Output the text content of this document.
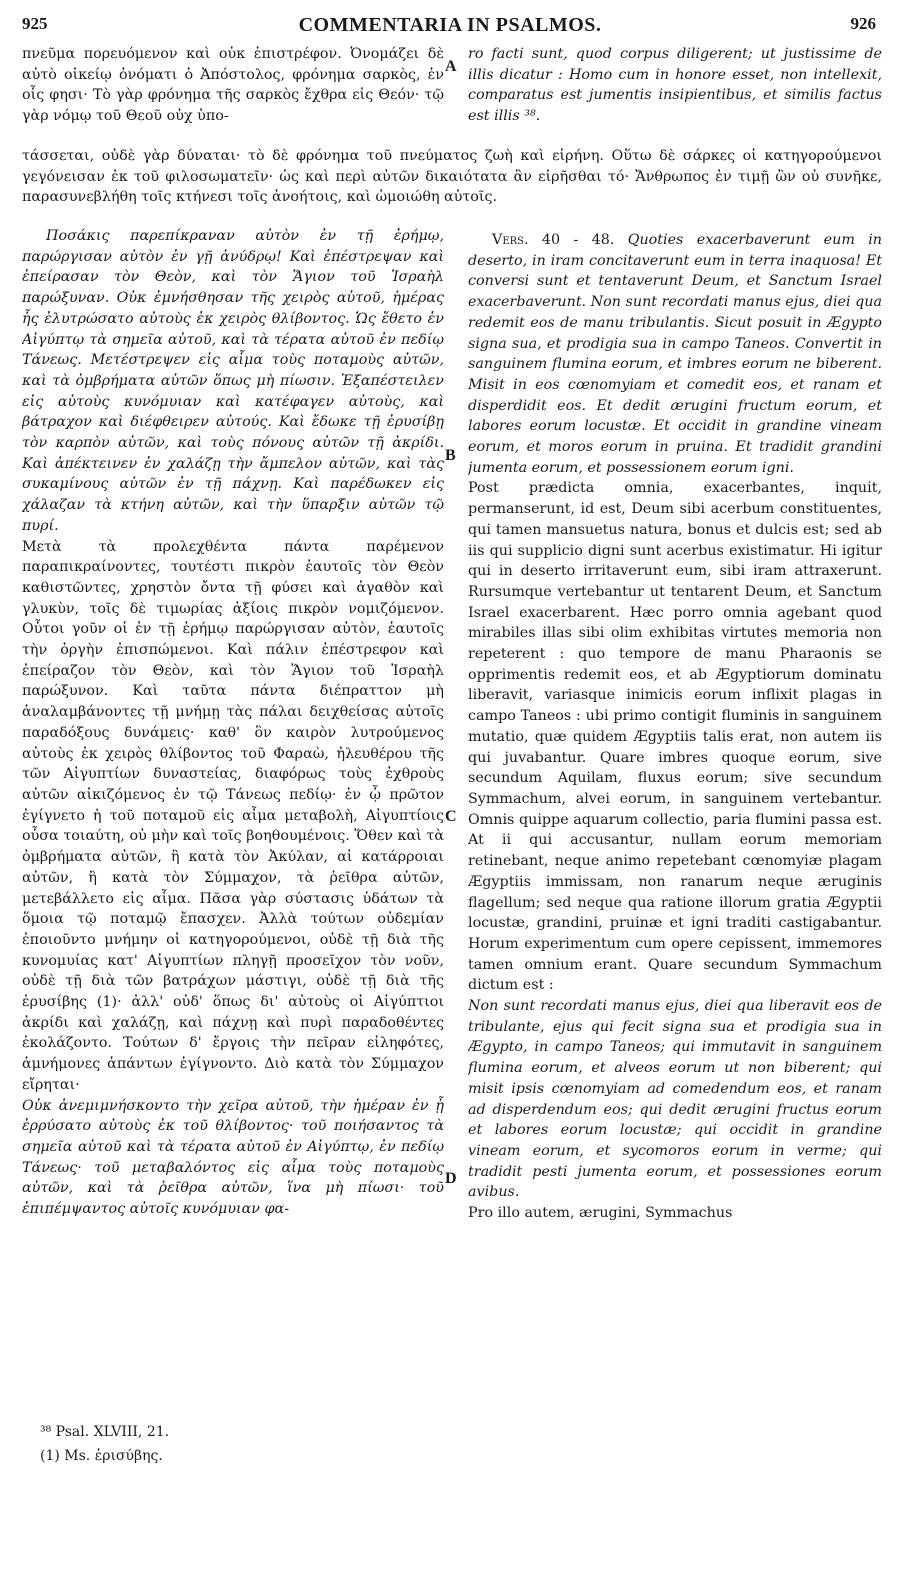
925	COMMENTARIA IN PSALMOS.	926

πνεῦμα πορευόμενον καὶ οὐκ ἐπιστρέφον. Ὀνομάζει δὲ αὐτὸ οἰκείῳ ὀνόματι ὁ Ἀπόστολος, φρόνημα σαρκὸς, ἐν οἷς φησι· Τὸ γὰρ φρόνημα τῆς σαρκὸς ἔχθρα εἰς Θεόν· τῷ γὰρ νόμῳ τοῦ Θεοῦ οὐχ ὑπο-

ro facti sunt, quod corpus diligerent; ut justissime de illis dicatur : Homo cum in honore esset, non intellexit, comparatus est jumentis insipientibus, et similis factus est illis ³⁸.

τάσσεται, οὐδὲ γὰρ δύναται· τὸ δὲ φρόνημα τοῦ πνεύματος ζωὴ καὶ εἰρήνη. Οὕτω δὲ σάρκες οἱ κατηγορούμενοι γεγόνεισαν ἐκ τοῦ φιλοσωματεῖν· ὡς καὶ περὶ αὐτῶν δικαιότατα ἂν εἰρῆσθαι τό· Ἄνθρωπος ἐν τιμῇ ὢν οὐ συνῆκε, παρασυνεβλήθη τοῖς κτήνεσι τοῖς ἀνοήτοις, καὶ ὡμοιώθη αὐτοῖς.

Ποσάκις παρεπίκραναν αὐτὸν ἐν τῇ ἐρήμῳ, παρώργισαν αὐτὸν ἐν γῇ ἀνύδρῳ! Καὶ ἐπέστρεψαν καὶ ἐπείρασαν τὸν Θεὸν, καὶ τὸν Ἅγιον τοῦ Ἰσραὴλ παρώξυναν. Οὐκ ἐμνήσθησαν τῆς χειρὸς αὐτοῦ, ἡμέρας ἧς ἐλυτρώσατο αὐτοὺς ἐκ χειρὸς θλίβοντος. Ὡς ἔθετο ἐν Αἰγύπτῳ τὰ σημεῖα αὐτοῦ, καὶ τὰ τέρατα αὐτοῦ ἐν πεδίῳ Τάνεως. Μετέστρεψεν εἰς αἷμα τοὺς ποταμοὺς αὐτῶν, καὶ τὰ ὀμβρήματα αὐτῶν ὅπως μὴ πίωσιν. Ἐξαπέστειλεν εἰς αὐτοὺς κυνόμυιαν καὶ κατέφαγεν αὐτοὺς, καὶ βάτραχον καὶ διέφθειρεν αὐτούς. Καὶ ἔδωκε τῇ ἐρυσίβῃ τὸν καρπὸν αὐτῶν, καὶ τοὺς πόνους αὐτῶν τῇ ἀκρίδι. Καὶ ἀπέκτεινεν ἐν χαλάζῃ τὴν ἄμπελον αὐτῶν, καὶ τὰς συκαμίνους αὐτῶν ἐν τῇ πάχνῃ. Καὶ παρέδωκεν εἰς χάλαζαν τὰ κτήνη αὐτῶν, καὶ τὴν ὕπαρξιν αὐτῶν τῷ πυρί.

Μετὰ τὰ προλεχθέντα πάντα παρέμενον παραπικραίνοντες, τουτέστι πικρὸν ἑαυτοῖς τὸν Θεὸν καθιστῶντες, χρηστὸν ὄντα τῇ φύσει καὶ ἀγαθὸν καὶ γλυκὺν, τοῖς δὲ τιμωρίας ἀξίοις πικρὸν νομιζόμενον. Οὗτοι γοῦν οἱ ἐν τῇ ἐρήμῳ παρώργισαν αὐτὸν, ἑαυτοῖς τὴν ὀργὴν ἐπισπώμενοι. Καὶ πάλιν ἐπέστρεφον καὶ ἐπείραζον τὸν Θεὸν, καὶ τὸν Ἅγιον τοῦ Ἰσραὴλ παρώξυνον. Καὶ ταῦτα πάντα διέπραττον μὴ ἀναλαμβάνοντες τῇ μνήμῃ τὰς πάλαι δειχθείσας αὐτοῖς παραδόξους δυνάμεις· καθ' ὃν καιρὸν λυτρούμενος αὐτοὺς ἐκ χειρὸς θλίβοντος τοῦ Φαραὼ, ἠλευθέρου τῆς τῶν Αἰγυπτίων δυναστείας, διαφόρως τοὺς ἐχθροὺς αὐτῶν αἰκιζόμενος ἐν τῷ Τάνεως πεδίῳ· ἐν ᾧ πρῶτον ἐγίγνετο ἡ τοῦ ποταμοῦ εἰς αἷμα μεταβολὴ, Αἰγυπτίοις οὖσα τοιαύτη, οὐ μὴν καὶ τοῖς βοηθουμένοις. Ὅθεν καὶ τὰ ὀμβρήματα αὐτῶν, ἢ κατὰ τὸν Ἀκύλαν, αἱ κατάρροιαι αὐτῶν, ἢ κατὰ τὸν Σύμμαχον, τὰ ῥεῖθρα αὐτῶν, μετεβάλλετο εἰς αἷμα. Πᾶσα γὰρ σύστασις ὑδάτων τὰ ὅμοια τῷ ποταμῷ ἔπασχεν. Ἀλλὰ τούτων οὐδεμίαν ἐποιοῦντο μνήμην οἱ κατηγορούμενοι, οὐδὲ τῇ διὰ τῆς κυνομυίας κατ' Αἰγυπτίων πληγῇ προσεῖχον τὸν νοῦν, οὐδὲ τῇ διὰ τῶν βατράχων μάστιγι, οὐδὲ τῇ διὰ τῆς ἐρυσίβης (1)· ἀλλ' οὐδ' ὅπως δι' αὐτοὺς οἱ Αἰγύπτιοι ἀκρίδι καὶ χαλάζῃ, καὶ πάχνῃ καὶ πυρὶ παραδοθέντες ἐκολάζοντο. Τούτων δ' ἔργοις τὴν πεῖραν εἰληφότες, ἀμνήμονες ἁπάντων ἐγίγνοντο. Διὸ κατὰ τὸν Σύμμαχον εἴρηται·

Οὐκ ἀνεμιμνήσκοντο τὴν χεῖρα αὐτοῦ, τὴν ἡμέραν ἐν ᾗ ἐρρύσατο αὐτοὺς ἐκ τοῦ θλίβοντος· τοῦ ποιήσαντος τὰ σημεῖα αὐτοῦ καὶ τὰ τέρατα αὐτοῦ ἐν Αἰγύπτῳ, ἐν πεδίῳ Τάνεως· τοῦ μεταβαλόντος εἰς αἷμα τοὺς ποταμοὺς αὐτῶν, καὶ τὰ ῥεῖθρα αὐτῶν, ἵνα μὴ πίωσι· τοῦ ἐπιπέμψαντος αὐτοῖς κυνόμυιαν φα-

Vers. 40 - 48. Quoties exacerbaverunt eum in deserto, in iram concitaverunt eum in terra inaquosa! Et conversi sunt et tentaverunt Deum, et Sanctum Israel exacerbaverunt. Non sunt recordati manus ejus, diei qua redemit eos de manu tribulantis. Sicut posuit in Ægypto signa sua, et prodigia sua in campo Taneos. Convertit in sanguinem flumina eorum, et imbres eorum ne biberent. Misit in eos cœnomyiam et comedit eos, et ranam et disperdidit eos. Et dedit ærugini fructum eorum, et labores eorum locustæ. Et occidit in grandine vineam eorum, et moros eorum in pruina. Et tradidit grandini jumenta eorum, et possessionem eorum igni.

Post prædicta omnia, exacerbantes, inquit, permanserunt, id est, Deum sibi acerbum constituentes, qui tamen mansuetus natura, bonus et dulcis est; sed ab iis qui supplicio digni sunt acerbus existimatur. Hi igitur qui in deserto irritaverunt eum, sibi iram attraxerunt. Rursumque vertebantur ut tentarent Deum, et Sanctum Israel exacerbarent. Hæc porro omnia agebant quod mirabiles illas sibi olim exhibitas virtutes memoria non repeterent : quo tempore de manu Pharaonis se opprimentis redemit eos, et ab Ægyptiorum dominatu liberavit, variasque inimicis eorum inflixit plagas in campo Taneos : ubi primo contigit fluminis in sanguinem mutatio, quæ quidem Ægyptiis talis erat, non autem iis qui juvabantur. Quare imbres quoque eorum, sive secundum Aquilam, fluxus eorum; sive secundum Symmachum, alvei eorum, in sanguinem vertebantur. Omnis quippe aquarum collectio, paria flumini passa est. At ii qui accusantur, nullam eorum memoriam retinebant, neque animo repetebant cœnomyiæ plagam Ægyptiis immissam, non ranarum neque æruginis flagellum; sed neque qua ratione illorum gratia Ægyptii locustæ, grandini, pruinæ et igni traditi castigabantur. Horum experimentum cum opere cepissent, immemores tamen omnium erant. Quare secundum Symmachum dictum est :

Non sunt recordati manus ejus, diei qua liberavit eos de tribulante, ejus qui fecit signa sua et prodigia sua in Ægypto, in campo Taneos; qui immutavit in sanguinem flumina eorum, et alveos eorum ut non biberent; qui misit ipsis cœnomyiam ad comedendum eos, et ranam ad disperdendum eos; qui dedit ærugini fructus eorum et labores eorum locustæ; qui occidit in grandine vineam eorum, et sycomoros eorum in verme; qui tradidit pesti jumenta eorum, et possessiones eorum avibus.

Pro illo autem, ærugini, Symmachus

A
B
C
D
³⁸ Psal. XLVIII, 21.
(1) Ms. ἐρισύβης.
